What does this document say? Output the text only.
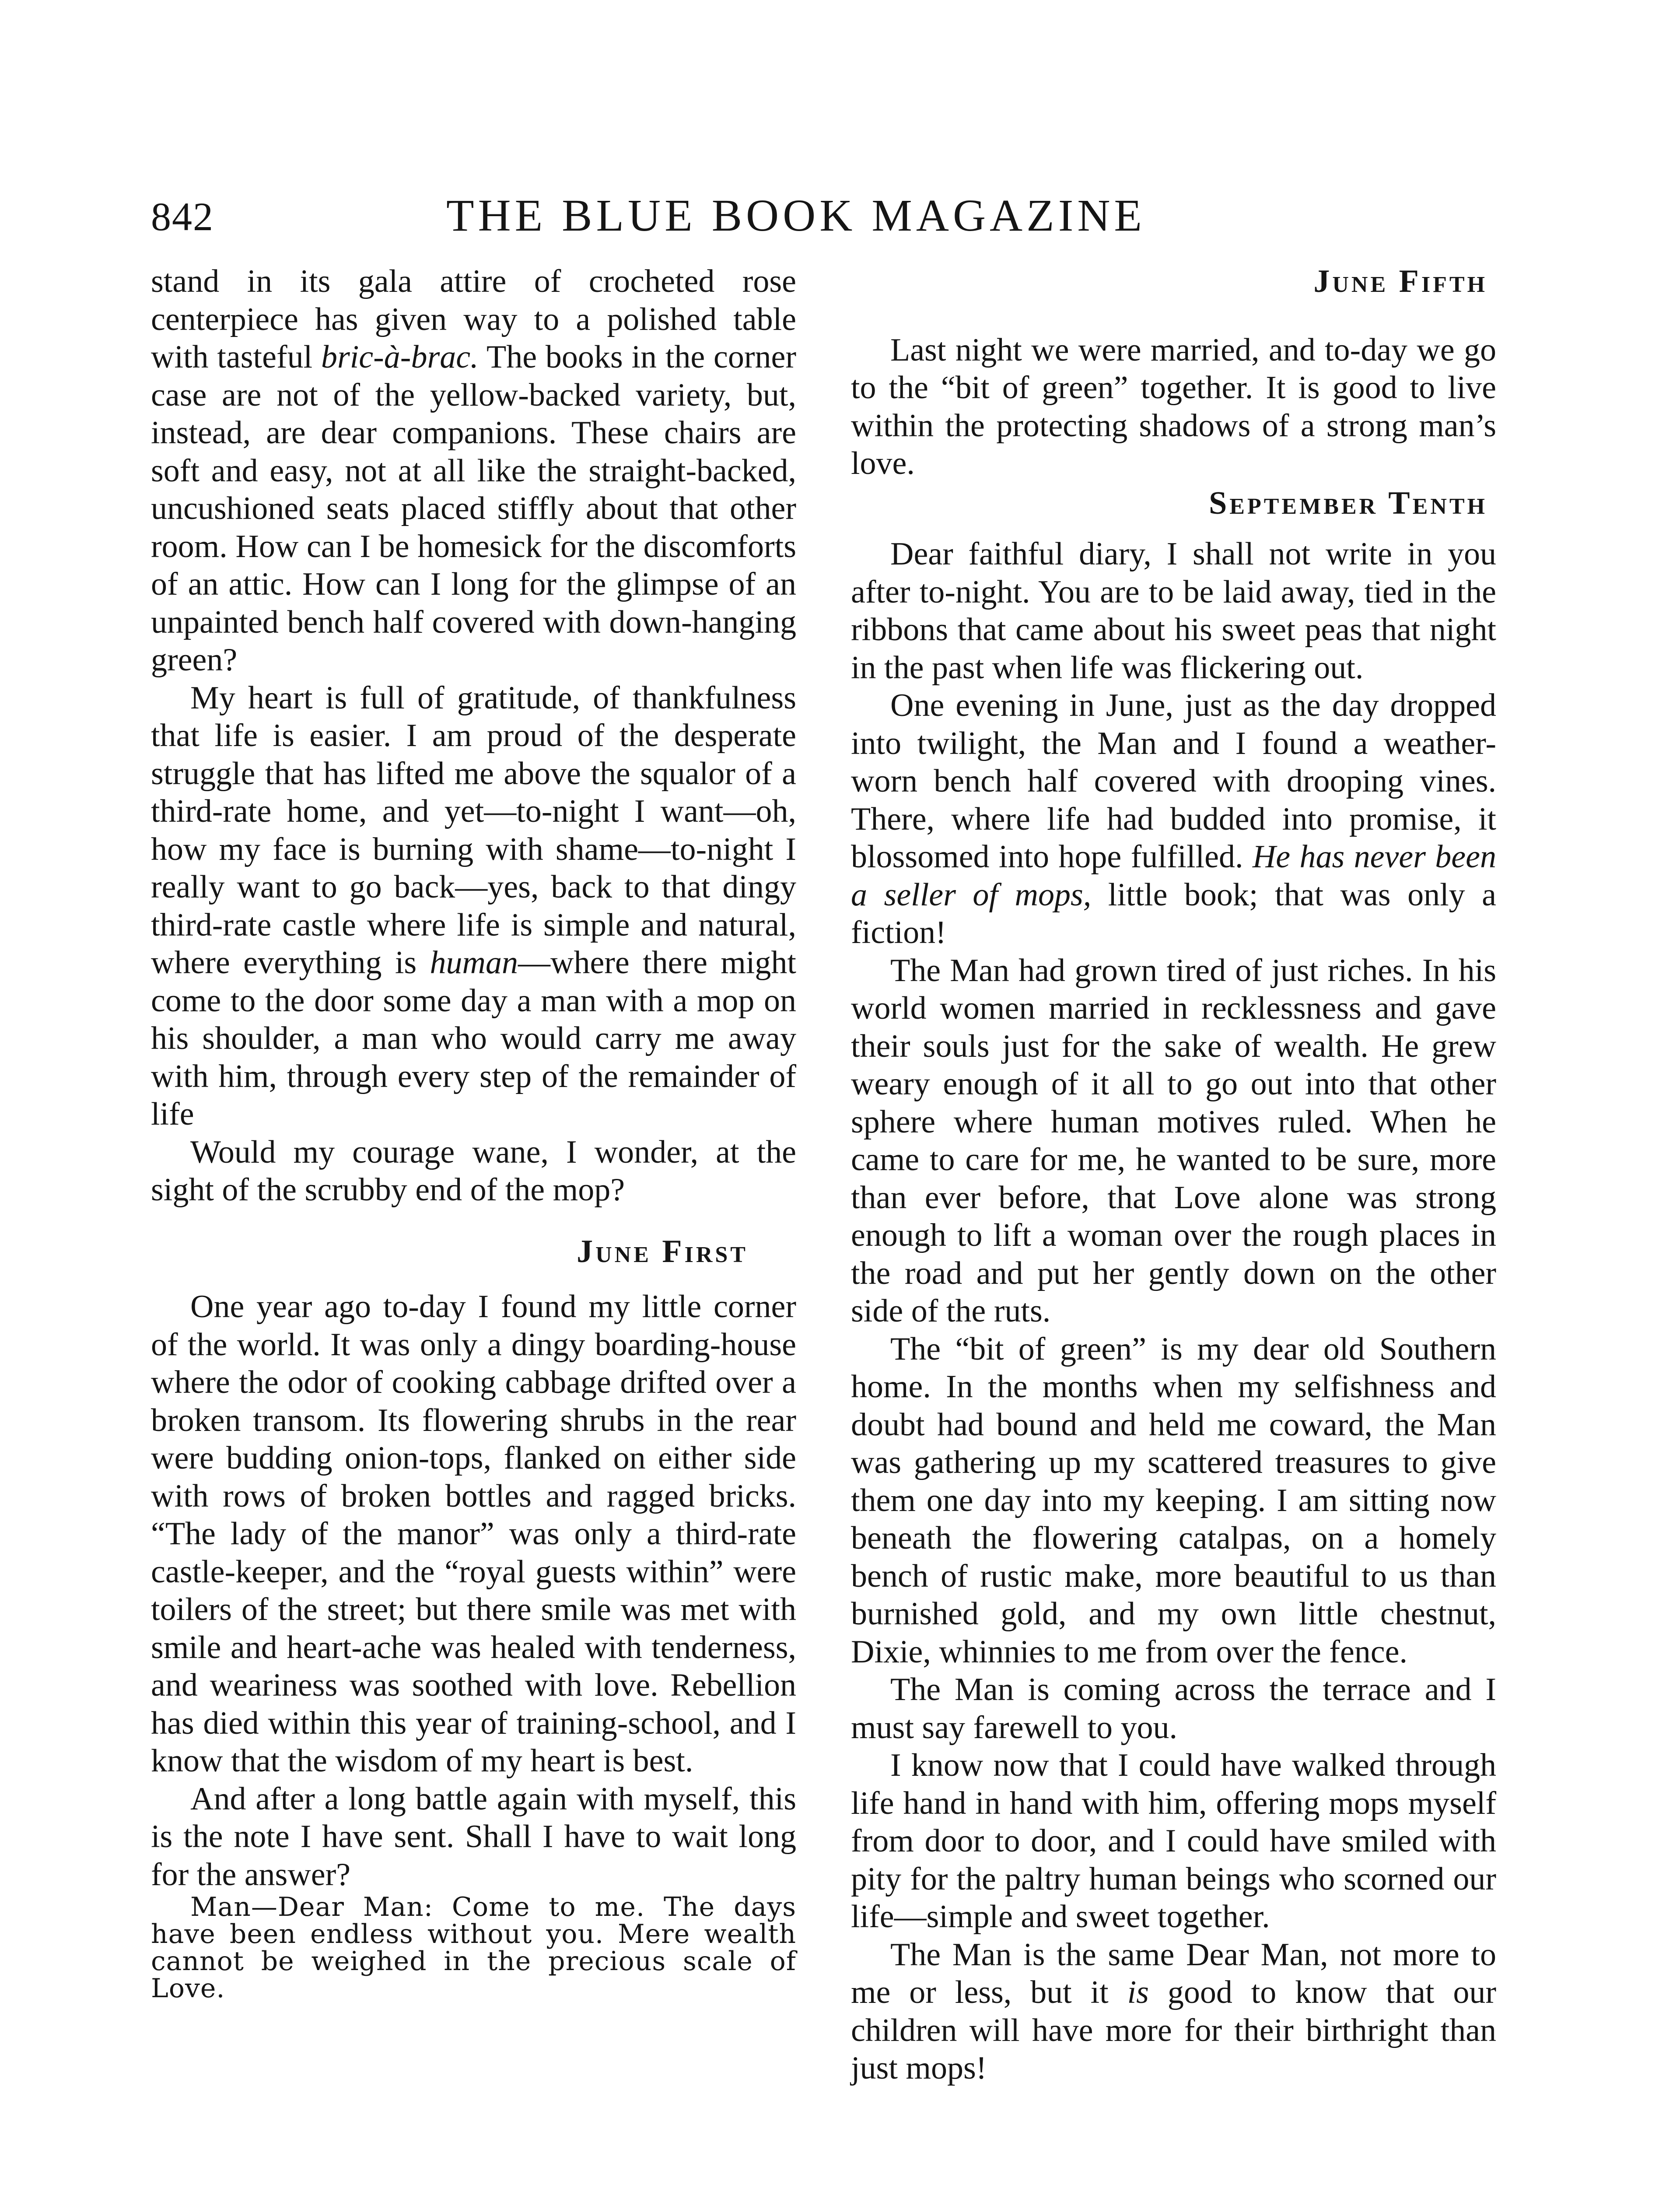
842	THE BLUE BOOK MAGAZINE

stand in its gala attire of crocheted rose centerpiece has given way to a polished table with tasteful bric-à-brac. The books in the corner case are not of the yellow-backed variety, but, instead, are dear companions. These chairs are soft and easy, not at all like the straight-backed, uncushioned seats placed stiffly about that other room. How can I be homesick for the discomforts of an attic. How can I long for the glimpse of an unpainted bench half covered with down-hanging green?

My heart is full of gratitude, of thankfulness that life is easier. I am proud of the desperate struggle that has lifted me above the squalor of a third-rate home, and yet—to-night I want—oh, how my face is burning with shame—to-night I really want to go back—yes, back to that dingy third-rate castle where life is simple and natural, where everything is human—where there might come to the door some day a man with a mop on his shoulder, a man who would carry me away with him, through every step of the remainder of life

Would my courage wane, I wonder, at the sight of the scrubby end of the mop?

June First

One year ago to-day I found my little corner of the world. It was only a dingy boarding-house where the odor of cooking cabbage drifted over a broken transom. Its flowering shrubs in the rear were budding onion-tops, flanked on either side with rows of broken bottles and ragged bricks. “The lady of the manor” was only a third-rate castle-keeper, and the “royal guests within” were toilers of the street; but there smile was met with smile and heart-ache was healed with tenderness, and weariness was soothed with love. Rebellion has died within this year of training-school, and I know that the wisdom of my heart is best.

And after a long battle again with myself, this is the note I have sent. Shall I have to wait long for the answer?

Man—Dear Man: Come to me. The days have been endless without you. Mere wealth cannot be weighed in the precious scale of Love.

June Fifth

Last night we were married, and to-day we go to the “bit of green” together. It is good to live within the protecting shadows of a strong man’s love.

September Tenth

Dear faithful diary, I shall not write in you after to-night. You are to be laid away, tied in the ribbons that came about his sweet peas that night in the past when life was flickering out.

One evening in June, just as the day dropped into twilight, the Man and I found a weather-worn bench half covered with drooping vines. There, where life had budded into promise, it blossomed into hope fulfilled. He has never been a seller of mops, little book; that was only a fiction!

The Man had grown tired of just riches. In his world women married in recklessness and gave their souls just for the sake of wealth. He grew weary enough of it all to go out into that other sphere where human motives ruled. When he came to care for me, he wanted to be sure, more than ever before, that Love alone was strong enough to lift a woman over the rough places in the road and put her gently down on the other side of the ruts.

The “bit of green” is my dear old Southern home. In the months when my selfishness and doubt had bound and held me coward, the Man was gathering up my scattered treasures to give them one day into my keeping. I am sitting now beneath the flowering catalpas, on a homely bench of rustic make, more beautiful to us than burnished gold, and my own little chestnut, Dixie, whinnies to me from over the fence.

The Man is coming across the terrace and I must say farewell to you.

I know now that I could have walked through life hand in hand with him, offering mops myself from door to door, and I could have smiled with pity for the paltry human beings who scorned our life—simple and sweet together.

The Man is the same Dear Man, not more to me or less, but it is good to know that our children will have more for their birthright than just mops!
